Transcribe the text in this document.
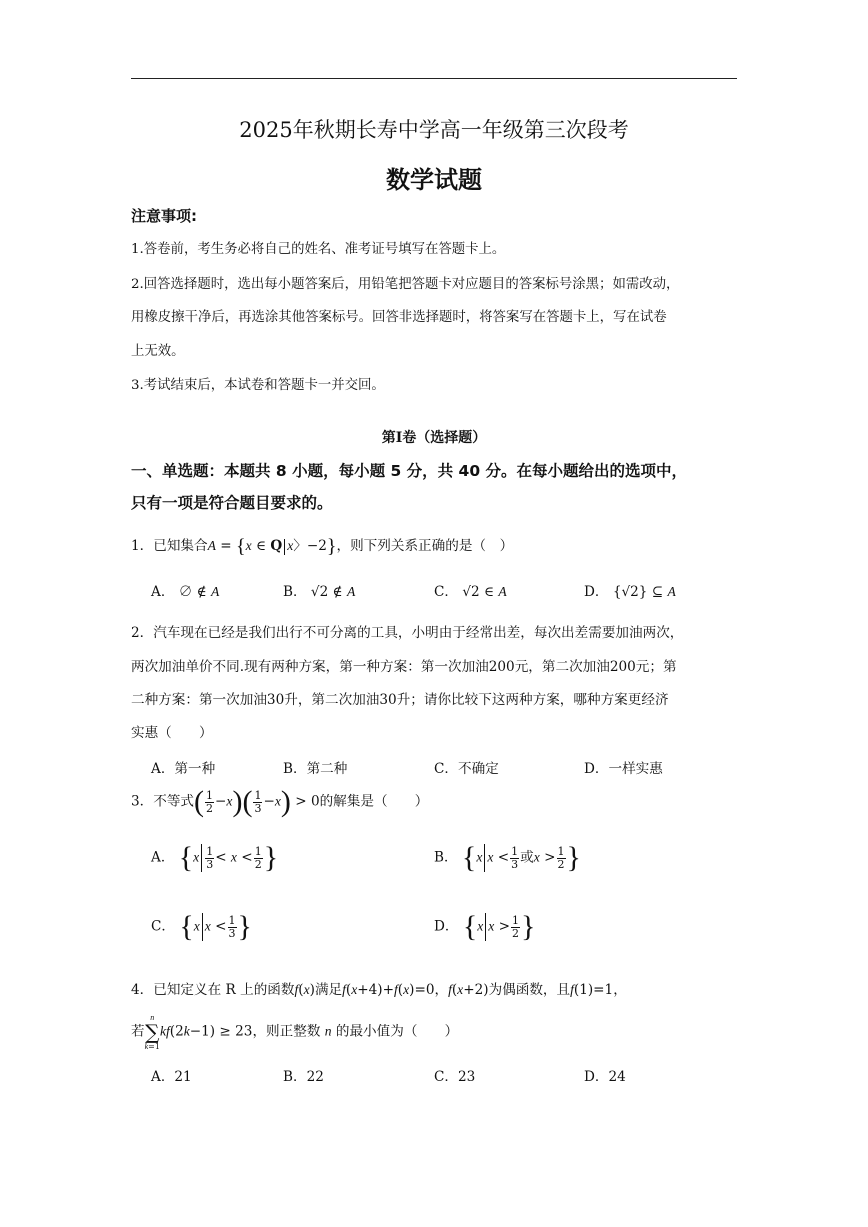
2025年秋期长寿中学高一年级第三次段考
数学试题
注意事项:
1.答卷前，考生务必将自己的姓名、准考证号填写在答题卡上。
2.回答选择题时，选出每小题答案后，用铅笔把答题卡对应题目的答案标号涂黑；如需改动，
用橡皮擦干净后，再选涂其他答案标号。回答非选择题时，将答案写在答题卡上，写在试卷
上无效。
3.考试结束后，本试卷和答题卡一并交回。
第Ⅰ卷（选择题）
一、单选题：本题共 8 小题，每小题 5 分，共 40 分。在每小题给出的选项中，
只有一项是符合题目要求的。
1．已知集合A = {x ∈ Q x〉−2}，则下列关系正确的是（　）
A． ∅ ∉ A	B． √2 ∉ A	C． √2 ∈ A	D． {√2} ⊆ A
2．汽车现在已经是我们出行不可分离的工具，小明由于经常出差，每次出差需要加油两次，
两次加油单价不同.现有两种方案，第一种方案：第一次加油200元，第二次加油200元；第
二种方案：第一次加油30升，第二次加油30升；请你比较下这两种方案，哪种方案更经济
实惠（　　）
A．第一种	B．第二种	C．不确定	D．一样实惠
3．不等式( $\frac{1}{2} -x)( \frac{1}{3} -x) > 0$的解集是（　　）
A． {$x \frac{1}{3} < x < \frac{1}{2}$ }	B． {x $x < \frac{1}{3}$ 或$x > \frac{1}{2}$ }
C． {x $x < \frac{1}{3}$ }	D． {x $x > \frac{1}{2}$ }
4．已知定义在 R 上的函数f(x)满足f(x+4)+f(x)=0，f(x+2)为偶函数，且f(1)=1，
若n
∑
k=1kf(2k−1) ≥ 23，则正整数 n 的最小值为（　　）
A．21	B．22	C．23	D．24
